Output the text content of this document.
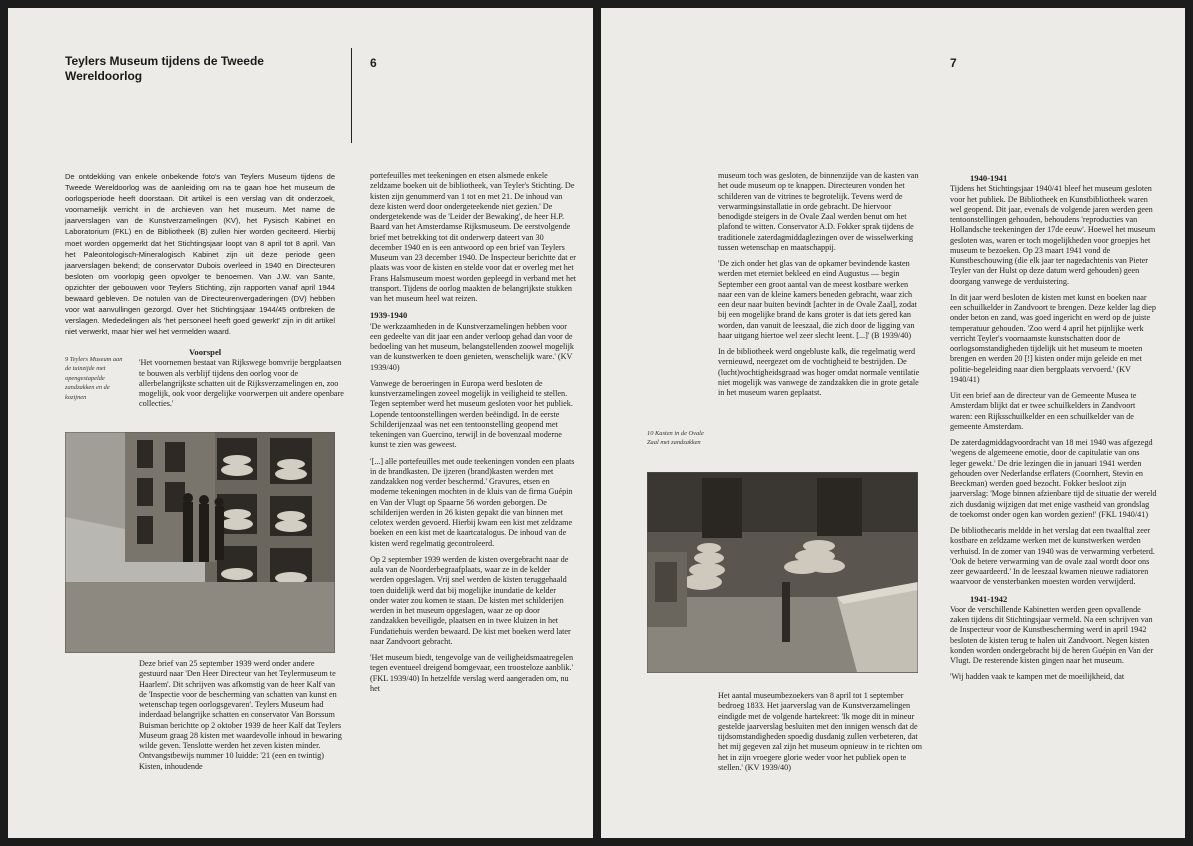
Teylers Museum tijdens de Tweede Wereldoorlog
6
De ontdekking van enkele onbekende foto's van Teylers Museum tijdens de Tweede Wereldoorlog was de aanleiding om na te gaan hoe het museum de oorlogsperiode heeft doorstaan. Dit artikel is een verslag van dit onderzoek, voornamelijk verricht in de archieven van het museum. Met name de jaarverslagen van de Kunstverzamelingen (KV), het Fysisch Kabinet en Laboratorium (FKL) en de Bibliotheek (B) zullen hier worden geciteerd. Hierbij moet worden opgemerkt dat het Stichtingsjaar loopt van 8 april tot 8 april. Van het Paleontologisch-Mineralogisch Kabinet zijn uit deze periode geen jaarverslagen bekend; de conservator Dubois overleed in 1940 en Directeuren besloten om voorlopig geen opvolger te benoemen. Van J.W. van Sante, opzichter der gebouwen voor Teylers Stichting, zijn rapporten vanaf april 1944 bewaard gebleven. De notulen van de Directeurenvergaderingen (DV) hebben voor wat aanvullingen gezorgd. Over het Stichtingsjaar 1944/45 ontbreken de verslagen. Mededelingen als 'het personeel heeft goed gewerkt' zijn in dit artikel niet verwerkt, maar hier wel het vermelden waard.
Voorspel

'Het voornemen bestaat van Rijkswege bomvrije bergplaatsen te bouwen als verblijf tijdens den oorlog voor de allerbelangrijkste schatten uit de Rijksverzamelingen en, zoo mogelijk, ook voor dergelijke voorwerpen uit andere openbare collecties.'

9 Teylers Museum aan de tuinzijde met opengestapelde zandzakken en de kozijnen

Deze brief van 25 september 1939 werd onder andere gestuurd naar 'Den Heer Directeur van het Teylermuseum te Haarlem'. Dit schrijven was afkomstig van de heer Kalf van de 'Inspectie voor de bescherming van schatten van kunst en wetenschap tegen oorlogsgevaren'. Teylers Museum had inderdaad belangrijke schatten en conservator Van Borssum Buisman berichtte op 2 oktober 1939 de heer Kalf dat Teylers Museum graag 28 kisten met waardevolle inhoud in bewaring wilde geven. Tenslotte werden het zeven kisten minder. Ontvangstbewijs nummer 10 luidde: '21 (een en twintig) Kisten, inhoudende

portefeuilles met teekeningen en etsen alsmede enkele zeldzame boeken uit de bibliotheek, van Teyler's Stichting. De kisten zijn genummerd van 1 tot en met 21. De inhoud van deze kisten werd door ondergeteekende niet gezien.' De ondergetekende was de 'Leider der Bewaking', de heer H.P. Baard van het Amsterdamse Rijksmuseum. De eerstvolgende brief met betrekking tot dit onderwerp dateert van 30 december 1940 en is een antwoord op een brief van Teylers Museum van 23 december 1940. De Inspecteur berichtte dat er plaats was voor de kisten en stelde voor dat er overleg met het Frans Halsmuseum moest worden gepleegd in verband met het transport. Tijdens de oorlog maakten de belangrijkste stukken van het museum heel wat reizen.

1939-1940

'De werkzaamheden in de Kunstverzamelingen hebben voor een gedeelte van dit jaar een ander verloop gehad dan voor de bedoeling van het museum, belangstellenden zoowel mogelijk van de kunstwerken te doen genieten, wenschelijk ware.' (KV 1939/40)

Vanwege de beroeringen in Europa werd besloten de kunstverzamelingen zoveel mogelijk in veiligheid te stellen. Tegen september werd het museum gesloten voor het publiek. Lopende tentoonstellingen werden beëindigd. In de eerste Schilderijenzaal was net een tentoonstelling geopend met tekeningen van Guercino, terwijl in de bovenzaal moderne kunst te zien was geweest.

'[...] alle portefeuilles met oude teekeningen vonden een plaats in de brandkasten. De ijzeren (brand)kasten werden met zandzakken nog verder beschermd.' Gravures, etsen en moderne tekeningen mochten in de kluis van de firma Guépin en Van der Vlugt op Spaarne 56 worden geborgen. De schilderijen werden in 26 kisten gepakt die van binnen met celotex werden gevoerd. Hierbij kwam een kist met zeldzame boeken en een kist met de kaartcatalogus. De inhoud van de kisten werd regelmatig gecontroleerd.

Op 2 september 1939 werden de kisten overgebracht naar de aula van de Noorderbegraafplaats, waar ze in de kelder werden opgeslagen. Vrij snel werden de kisten teruggehaald toen duidelijk werd dat bij mogelijke inundatie de kelder onder water zou komen te staan. De kisten met schilderijen werden in het museum opgeslagen, waar ze op door zandzakken beveiligde, plaatsen en in twee kluizen in het Fundatiehuis werden bewaard. De kist met boeken werd later naar Zandvoort gebracht.

'Het museum biedt, tengevolge van de veiligheidsmaatregelen tegen eventueel dreigend bomgevaar, een troosteloze aanblik.' (FKL 1939/40) In hetzelfde verslag werd aangeraden om, nu het

7

museum toch was gesloten, de binnenzijde van de kasten van het oude museum op te knappen. Directeuren vonden het schilderen van de vitrines te begrotelijk. Tevens werd de verwarmingsinstallatie in orde gebracht. De hiervoor benodigde steigers in de Ovale Zaal werden benut om het plafond te witten. Conservator A.D. Fokker sprak tijdens de traditionele zaterdagmiddaglezingen over de wisselwerking tussen wetenschap en maatschappij.

'De zich onder het glas van de opkamer bevindende kasten werden met eterniet bekleed en eind Augustus — begin September een groot aantal van de meest kostbare werken naar een van de kleine kamers beneden gebracht, waar zich een deur naar buiten bevindt [achter in de Ovale Zaal], zodat bij een mogelijke brand de kans groter is dat iets gered kan worden, dan vanuit de leeszaal, die zich door de ligging van haar uitgang hiertoe wel zeer slecht leent. [...]' (B 1939/40)

In de bibliotheek werd ongebluste kalk, die regelmatig werd vernieuwd, neergezet om de vochtigheid te bestrijden. De (lucht)vochtigheidsgraad was hoger omdat normale ventilatie niet mogelijk was vanwege de zandzakken die in grote getale in het museum waren geplaatst.

10 Kasten in de Ovale Zaal met zandzakken

Het aantal museumbezoekers van 8 april tot 1 september bedroeg 1833. Het jaarverslag van de Kunstverzamelingen eindigde met de volgende hartekreet: 'Ik moge dit in mineur gestelde jaarverslag besluiten met den innigen wensch dat de tijdsomstandigheden spoedig dusdanig zullen verbeteren, dat het mij gegeven zal zijn het museum opnieuw in te richten om het in zijn vroegere glorie weder voor het publiek open te stellen.' (KV 1939/40)

1940-1941

Tijdens het Stichtingsjaar 1940/41 bleef het museum gesloten voor het publiek. De Bibliotheek en Kunstbibliotheek waren wel geopend. Dit jaar, evenals de volgende jaren werden geen tentoonstellingen gehouden, behoudens 'reproducties van Hollandsche teekeningen der 17de eeuw'. Hoewel het museum gesloten was, waren er toch mogelijkheden voor groepjes het museum te bezoeken. Op 23 maart 1941 vond de Kunstbeschouwing (die elk jaar ter nagedachtenis van Pieter Teyler van der Hulst op deze datum werd gehouden) geen doorgang vanwege de verduistering.

In dit jaar werd besloten de kisten met kunst en boeken naar een schuilkelder in Zandvoort te brengen. Deze kelder lag diep onder beton en zand, was goed ingericht en werd op de juiste temperatuur gehouden. 'Zoo werd 4 april het pijnlijke werk verricht Teyler's voornaamste kunstschatten door de oorlogsomstandigheden tijdelijk uit het museum te moeten brengen en werden 20 [!] kisten onder mijn geleide en met politie-begeleiding naar dien bergplaats vervoerd.' (KV 1940/41)

Uit een brief aan de directeur van de Gemeente Musea te Amsterdam blijkt dat er twee schuilkelders in Zandvoort waren: een Rijksschuilkelder en een schuilkelder van de gemeente Amsterdam.

De zaterdagmiddagvoordracht van 18 mei 1940 was afgezegd 'wegens de algemeene emotie, door de capitulatie van ons leger gewekt.' De drie lezingen die in januari 1941 werden gehouden over Nederlandse erflaters (Coornhert, Stevin en Beeckman) werden goed bezocht. Fokker besloot zijn jaarverslag: 'Moge binnen afzienbare tijd de situatie der wereld zich dusdanig wijzigen dat met enige vastheid van grondslag de toekomst onder ogen kan worden gezien!' (FKL 1940/41)

De bibliothecaris meldde in het verslag dat een twaalftal zeer kostbare en zeldzame werken met de kunstwerken werden verhuisd. In de zomer van 1940 was de verwarming verbeterd. 'Ook de betere verwarming van de ovale zaal wordt door ons zeer gewaardeerd.' In de leeszaal kwamen nieuwe radiatoren waarvoor de vensterbanken moesten worden verwijderd.

1941-1942

Voor de verschillende Kabinetten werden geen opvallende zaken tijdens dit Stichtingsjaar vermeld. Na een schrijven van de Inspecteur voor de Kunstbescherming werd in april 1942 besloten de kisten terug te halen uit Zandvoort. Negen kisten konden worden ondergebracht bij de heren Guépin en Van der Vlugt. De resterende kisten gingen naar het museum.

'Wij hadden vaak te kampen met de moeilijkheid, dat
